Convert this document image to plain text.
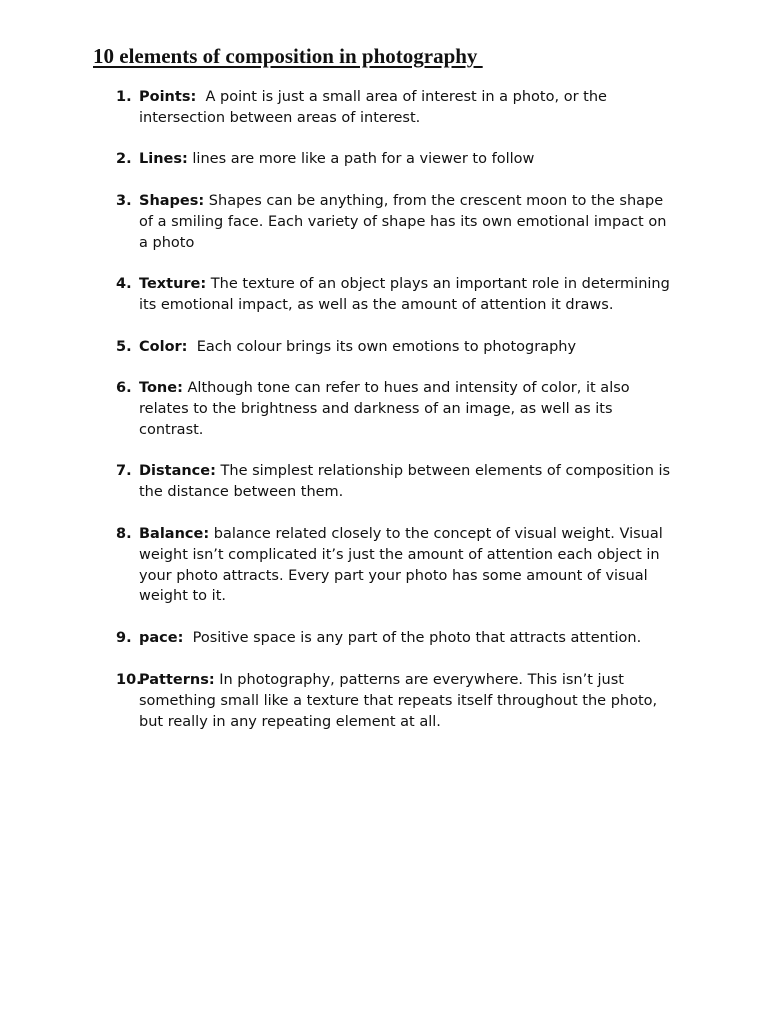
10 elements of composition in photography
1. Points:  A point is just a small area of interest in a photo, or the
intersection between areas of interest.

2. Lines: lines are more like a path for a viewer to follow

3. Shapes: Shapes can be anything, from the crescent moon to the shape
of a smiling face. Each variety of shape has its own emotional impact on
a photo

4. Texture: The texture of an object plays an important role in determining
its emotional impact, as well as the amount of attention it draws.

5. Color:  Each colour brings its own emotions to photography

6. Tone: Although tone can refer to hues and intensity of color, it also
relates to the brightness and darkness of an image, as well as its
contrast.

7. Distance: The simplest relationship between elements of composition is
the distance between them.

8. Balance: balance related closely to the concept of visual weight. Visual
weight isn’t complicated it’s just the amount of attention each object in
your photo attracts. Every part your photo has some amount of visual
weight to it.

9. pace:  Positive space is any part of the photo that attracts attention.

10.

Patterns: In photography, patterns are everywhere. This isn’t just
something small like a texture that repeats itself throughout the photo,
but really in any repeating element at all.
